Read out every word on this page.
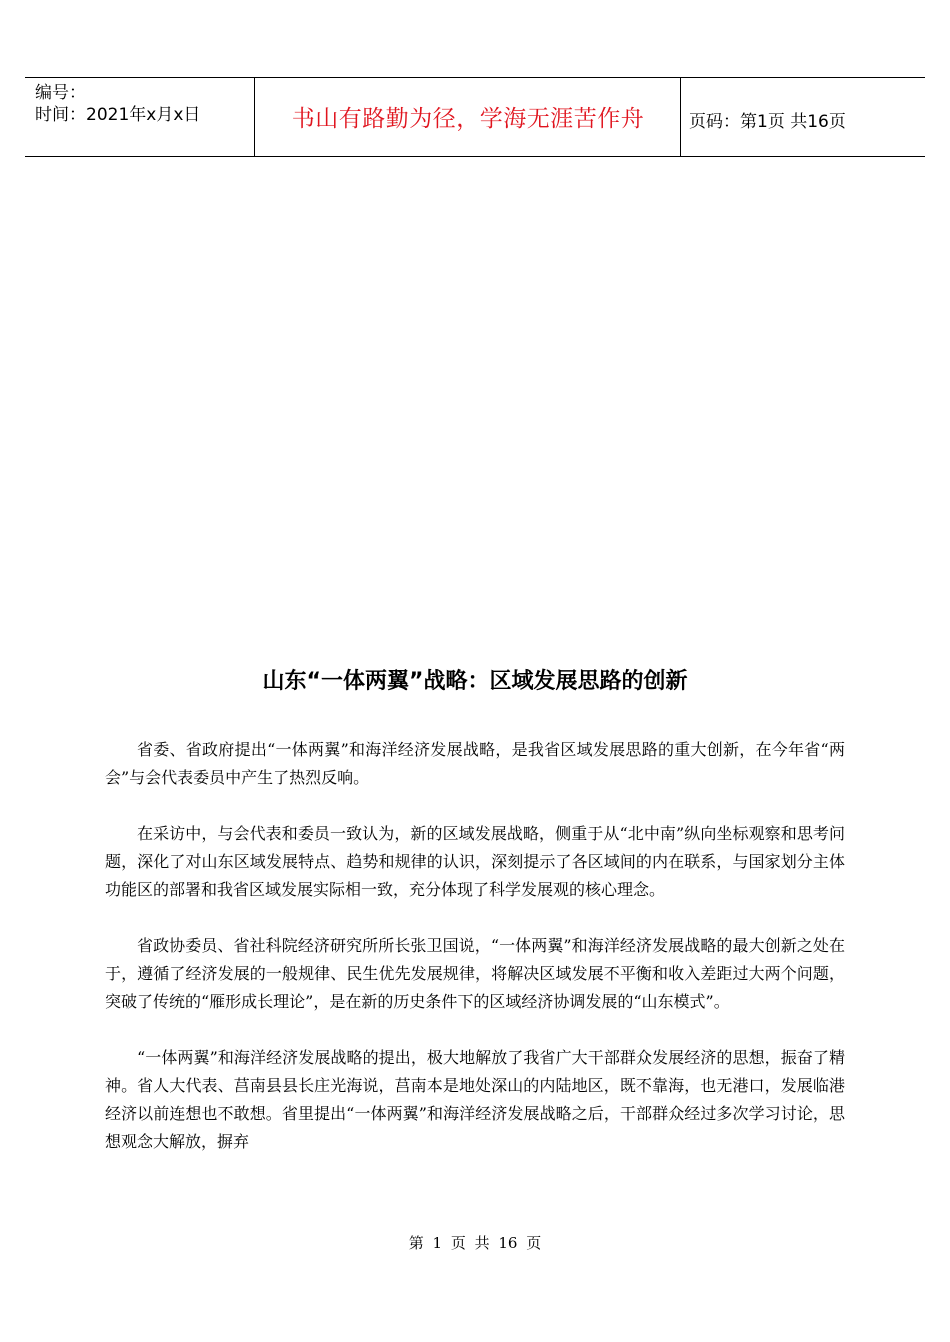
编号：
时间：2021年x月x日	书山有路勤为径，学海无涯苦作舟	页码：第1页 共16页
山东“一体两翼”战略：区域发展思路的创新

省委、省政府提出“一体两翼”和海洋经济发展战略，是我省区域发展思路的重大创新，在今年省“两会”与会代表委员中产生了热烈反响。

在采访中，与会代表和委员一致认为，新的区域发展战略，侧重于从“北中南”纵向坐标观察和思考问题，深化了对山东区域发展特点、趋势和规律的认识，深刻提示了各区域间的内在联系，与国家划分主体功能区的部署和我省区域发展实际相一致，充分体现了科学发展观的核心理念。

省政协委员、省社科院经济研究所所长张卫国说，“一体两翼”和海洋经济发展战略的最大创新之处在于，遵循了经济发展的一般规律、民生优先发展规律，将解决区域发展不平衡和收入差距过大两个问题，突破了传统的“雁形成长理论”，是在新的历史条件下的区域经济协调发展的“山东模式”。

“一体两翼”和海洋经济发展战略的提出，极大地解放了我省广大干部群众发展经济的思想，振奋了精神。省人大代表、莒南县县长庄光海说，莒南本是地处深山的内陆地区，既不靠海，也无港口，发展临港经济以前连想也不敢想。省里提出“一体两翼”和海洋经济发展战略之后，干部群众经过多次学习讨论，思想观念大解放，摒弃

第 1 页 共 16 页
